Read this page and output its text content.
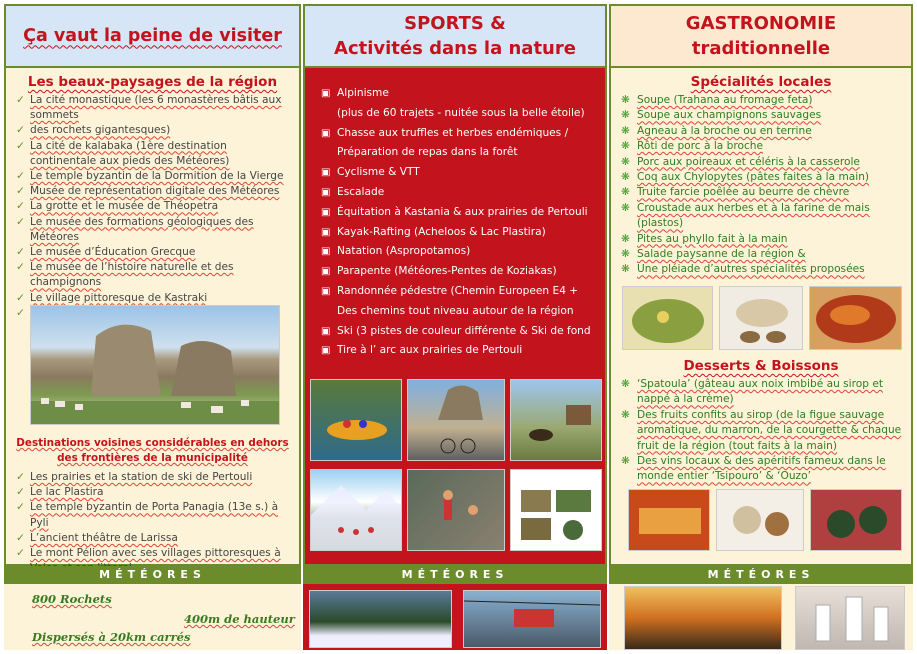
Ça vaut la peine de visiter
Les beaux-paysages de la région
✓ La cité monastique (les 6 monastères bâtis aux sommets
✓ des rochets gigantesques)
✓ La cité de kalabaka (1ère destination continentale aux pieds des Météores)
✓ Le temple byzantin de la Dormition de la Vierge
✓ Musée de représentation digitale des Météores
✓ La grotte et le musée de Théopetra
✓ Le musée des formations géologiques des Météores
✓ Le musée d’Éducation Grecque
✓ Le musée de l’histoire naturelle et des champignons
✓ Le village pittoresque de Kastraki
✓
SPORTS &
Activités dans la nature
▣ Alpinisme
(plus de 60 trajets - nuitée sous la belle étoile)
▣ Chasse aux truffles et herbes endémiques /
Préparation de repas dans la forêt
▣ Cyclisme & VTT
▣ Escalade
▣ Équitation à Kastania & aux prairies de Pertouli
▣ Kayak-Rafting (Acheloos & Lac Plastira)
▣ Natation (Aspropotamos)
▣ Parapente (Météores-Pentes de Koziakas)
▣ Randonnée pédestre (Chemin Europeen E4 +
Des chemins tout niveau autour de la région
▣ Ski (3 pistes de couleur différente & Ski de fond
▣ Tire à l’ arc aux prairies de Pertouli
GASTRONOMIE
traditionnelle
Spécialités locales
❋ Soupe (Trahana au fromage feta)
❋ Soupe aux champignons sauvages
❋ Agneau à la broche ou en terrine
❋ Rôti de porc à la broche
❋ Porc aux poireaux et céléris à la casserole
❋ Coq aux Chylopytes (pâtes faites à la main)
❋ Truite farcie poêlée au beurre de chèvre
❋ Croustade aux herbes et à la farine de mais (plastos)
❋ Pites au phyllo fait à la main
❋ Salade paysanne de la région &
❋ Une pléiade d’autres spécialités proposées
Destinations voisines considérables en dehors des frontières de la municipalité
✓ Les prairies et la station de ski de Pertouli
✓ Le lac Plastira
✓ Le temple byzantin de Porta Panagia (13e s.) à Pyli
✓ L’ancient théâtre de Larissa
✓ Le mont Pélion avec ses villages pittoresques à
Desserts & Boissons
❋ ‘Spatoula’ (gâteau aux noix imbibé au sirop et nappé à la crème)
❋ Des fruits confits au sirop (de la figue sauvage aromatique, du marron, de la courgette & chaque fruit de la région (tout faits à la main)
❋ Des vins locaux & des apéritifs fameux dans le monde entier ‘Tsipouro’ & ‘Ouzo’
MÉTÉORES	MÉTÉORES	MÉTÉORES
800 Rochets
400m de hauteur
Dispersés à 20km carrés
